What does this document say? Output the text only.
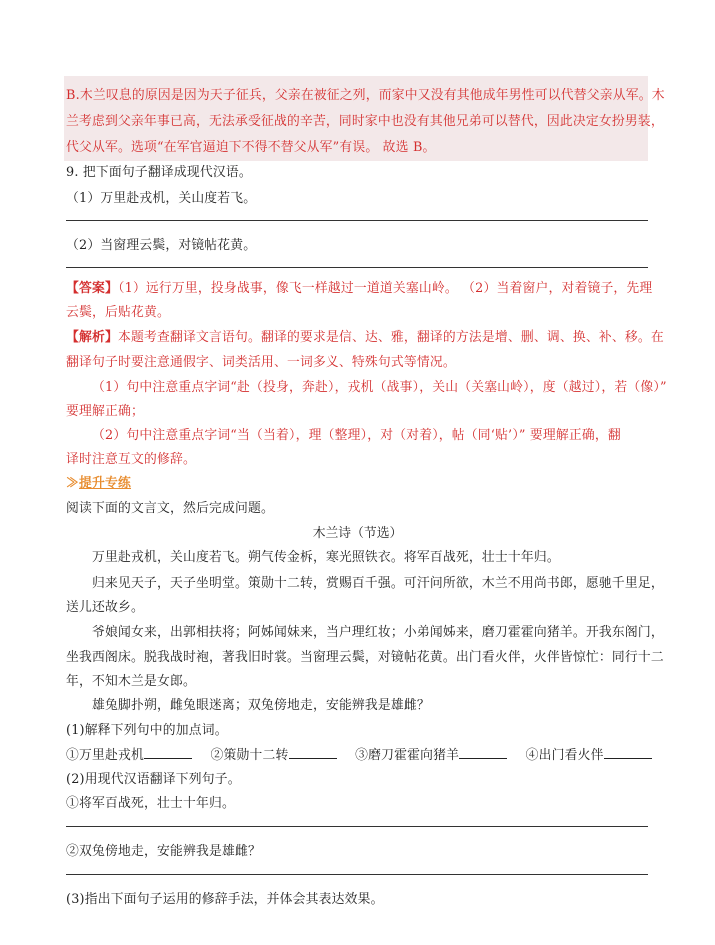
B.木兰叹息的原因是因为天子征兵，父亲在被征之列，而家中又没有其他成年男性可以代替父亲从军。木
兰考虑到父亲年事已高，无法承受征战的辛苦，同时家中也没有其他兄弟可以替代，因此决定女扮男装，
代父从军。选项“在军官逼迫下不得不替父从军”有误。 故选 B。
9. 把下面句子翻译成现代汉语。
（1）万里赴戎机，关山度若飞。
（2）当窗理云鬓，对镜帖花黄。
【答案】（1）远行万里，投身战事，像飞一样越过一道道关塞山岭。 （2）当着窗户，对着镜子，先理
云鬓，后贴花黄。
【解析】本题考查翻译文言语句。翻译的要求是信、达、雅，翻译的方法是增、删、调、换、补、移。在
翻译句子时要注意通假字、词类活用、一词多义、特殊句式等情况。
（1）句中注意重点字词“赴（投身，奔赴），戎机（战事），关山（关塞山岭），度（越过），若（像）”
要理解正确；
（2）句中注意重点字词“当（当着），理（整理），对（对着），帖（同‘贴’）” 要理解正确，翻
译时注意互文的修辞。
≫提升专练
阅读下面的文言文，然后完成问题。
木兰诗（节选）
万里赴戎机，关山度若飞。朔气传金柝，寒光照铁衣。将军百战死，壮士十年归。
归来见天子，天子坐明堂。策勋十二转，赏赐百千强。可汗问所欲，木兰不用尚书郎，愿驰千里足，
送儿还故乡。
爷娘闻女来，出郭相扶将；阿姊闻妹来，当户理红妆；小弟闻姊来，磨刀霍霍向猪羊。开我东阁门，
坐我西阁床。脱我战时袍，著我旧时裳。当窗理云鬓，对镜帖花黄。出门看火伴，火伴皆惊忙：同行十二
年，不知木兰是女郎。
雄兔脚扑朔，雌兔眼迷离；双兔傍地走，安能辨我是雄雌？
(1)解释下列句中的加点词。
①万里赴戎机	②策勋十二转	③磨刀霍霍向猪羊	④出门看火伴
(2)用现代汉语翻译下列句子。
①将军百战死，壮士十年归。
②双兔傍地走，安能辨我是雄雌？
(3)指出下面句子运用的修辞手法，并体会其表达效果。
